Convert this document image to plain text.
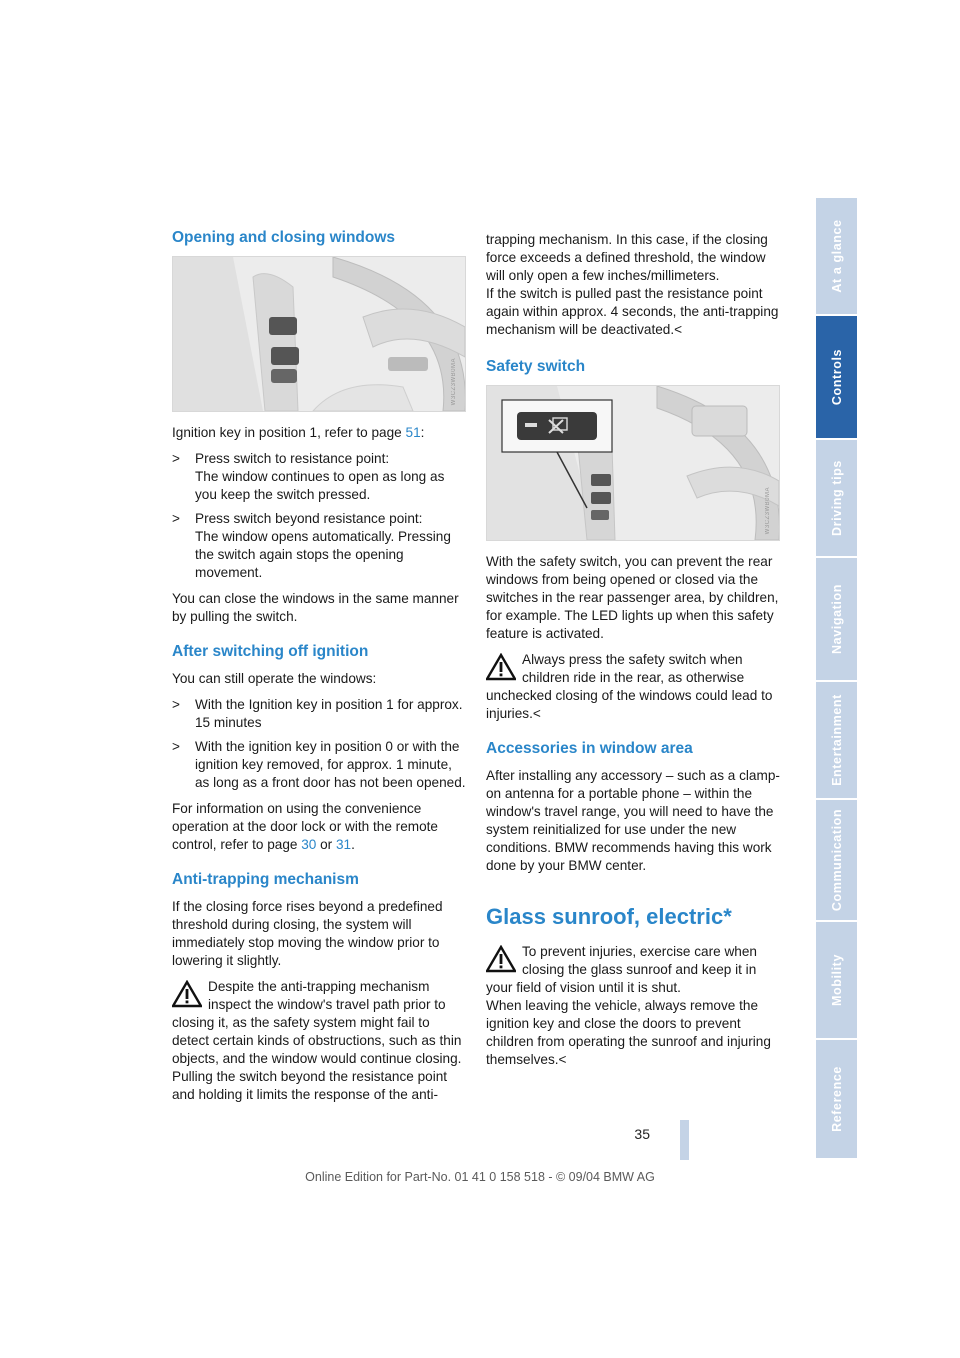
Opening and closing windows
W3CZ3WB0MA

Ignition key in position 1, refer to page 51:

> Press switch to resistance point:
The window continues to open as long as you keep the switch pressed.
> Press switch beyond resistance point:
The window opens automatically. Pressing the switch again stops the opening movement.

You can close the windows in the same manner by pulling the switch.

After switching off ignition

You can still operate the windows:

> With the Ignition key in position 1 for approx. 15 minutes
> With the ignition key in position 0 or with the ignition key removed, for approx. 1 minute, as long as a front door has not been opened.

For information on using the convenience operation at the door lock or with the remote control, refer to page 30 or 31.

Anti-trapping mechanism

If the closing force rises beyond a predefined threshold during closing, the system will immediately stop moving the window prior to lowering it slightly.

Despite the anti-trapping mechanism inspect the window's travel path prior to closing it, as the safety system might fail to detect certain kinds of obstructions, such as thin objects, and the window would continue closing.

Pulling the switch beyond the resistance point and holding it limits the response of the anti-

trapping mechanism. In this case, if the closing force exceeds a defined threshold, the window will only open a few inches/millimeters.

If the switch is pulled past the resistance point again within approx. 4 seconds, the anti-trapping mechanism will be deactivated.<

Safety switch
W3CZ3WB0MA

With the safety switch, you can prevent the rear windows from being opened or closed via the switches in the rear passenger area, by children, for example. The LED lights up when this safety feature is activated.

Always press the safety switch when children ride in the rear, as otherwise unchecked closing of the windows could lead to injuries.<
Accessories in window area

After installing any accessory – such as a clamp-on antenna for a portable phone – within the window's travel range, you will need to have the system reinitialized for use under the new conditions. BMW recommends having this work done by your BMW center.

Glass sunroof, electric*
To prevent injuries, exercise care when closing the glass sunroof and keep it in your field of vision until it is shut.

When leaving the vehicle, always remove the ignition key and close the doors to prevent children from operating the sunroof and injuring themselves.<

At a glance
Controls
Driving tips
Navigation
Entertainment
Communication
Mobility
Reference
35
Online Edition for Part-No. 01 41 0 158 518 - © 09/04 BMW AG
